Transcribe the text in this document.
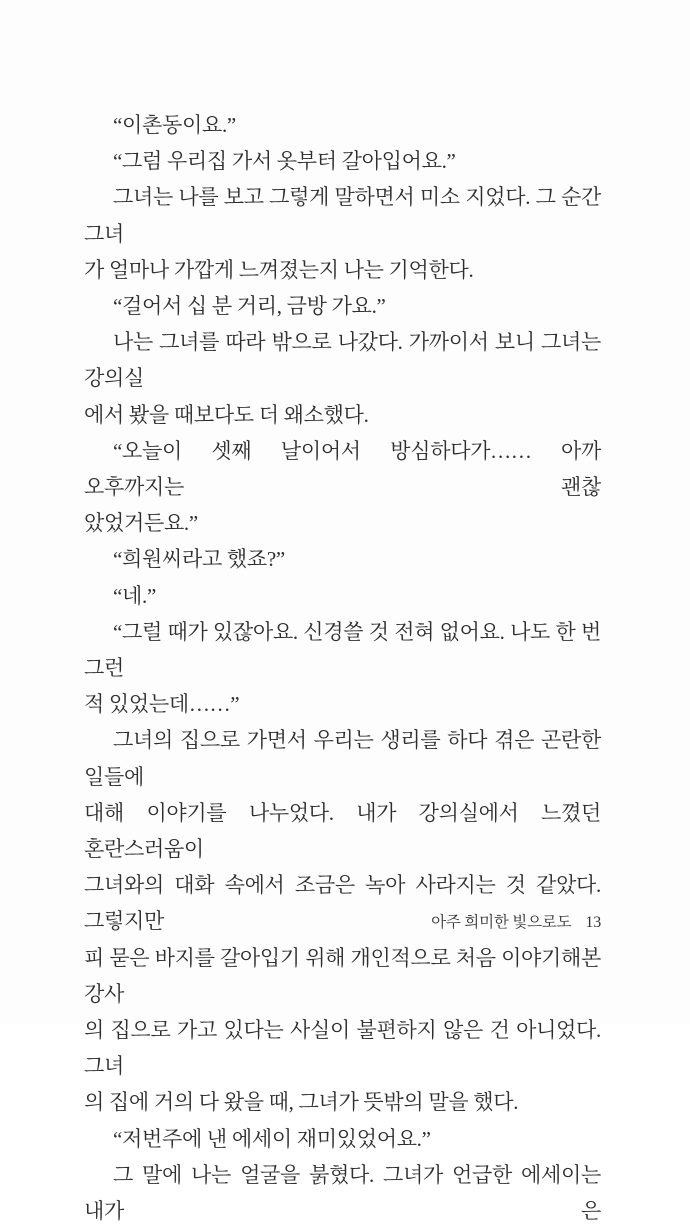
“이촌동이요.”
“그럼 우리집 가서 옷부터 갈아입어요.”
그녀는 나를 보고 그렇게 말하면서 미소 지었다. 그 순간 그녀
가 얼마나 가깝게 느껴졌는지 나는 기억한다.
“걸어서 십 분 거리, 금방 가요.”
나는 그녀를 따라 밖으로 나갔다. 가까이서 보니 그녀는 강의실
에서 봤을 때보다도 더 왜소했다.
“오늘이 셋째 날이어서 방심하다가…… 아까 오후까지는 괜찮
았었거든요.”
“희원씨라고 했죠?”
“네.”
“그럴 때가 있잖아요. 신경쓸 것 전혀 없어요. 나도 한 번 그런
적 있었는데……”
그녀의 집으로 가면서 우리는 생리를 하다 겪은 곤란한 일들에
대해 이야기를 나누었다. 내가 강의실에서 느꼈던 혼란스러움이
그녀와의 대화 속에서 조금은 녹아 사라지는 것 같았다. 그렇지만
피 묻은 바지를 갈아입기 위해 개인적으로 처음 이야기해본 강사
의 집으로 가고 있다는 사실이 불편하지 않은 건 아니었다. 그녀
의 집에 거의 다 왔을 때, 그녀가 뜻밖의 말을 했다.
“저번주에 낸 에세이 재미있었어요.”
그 말에 나는 얼굴을 붉혔다. 그녀가 언급한 에세이는 내가 은
아주 희미한 빛으로도 13
